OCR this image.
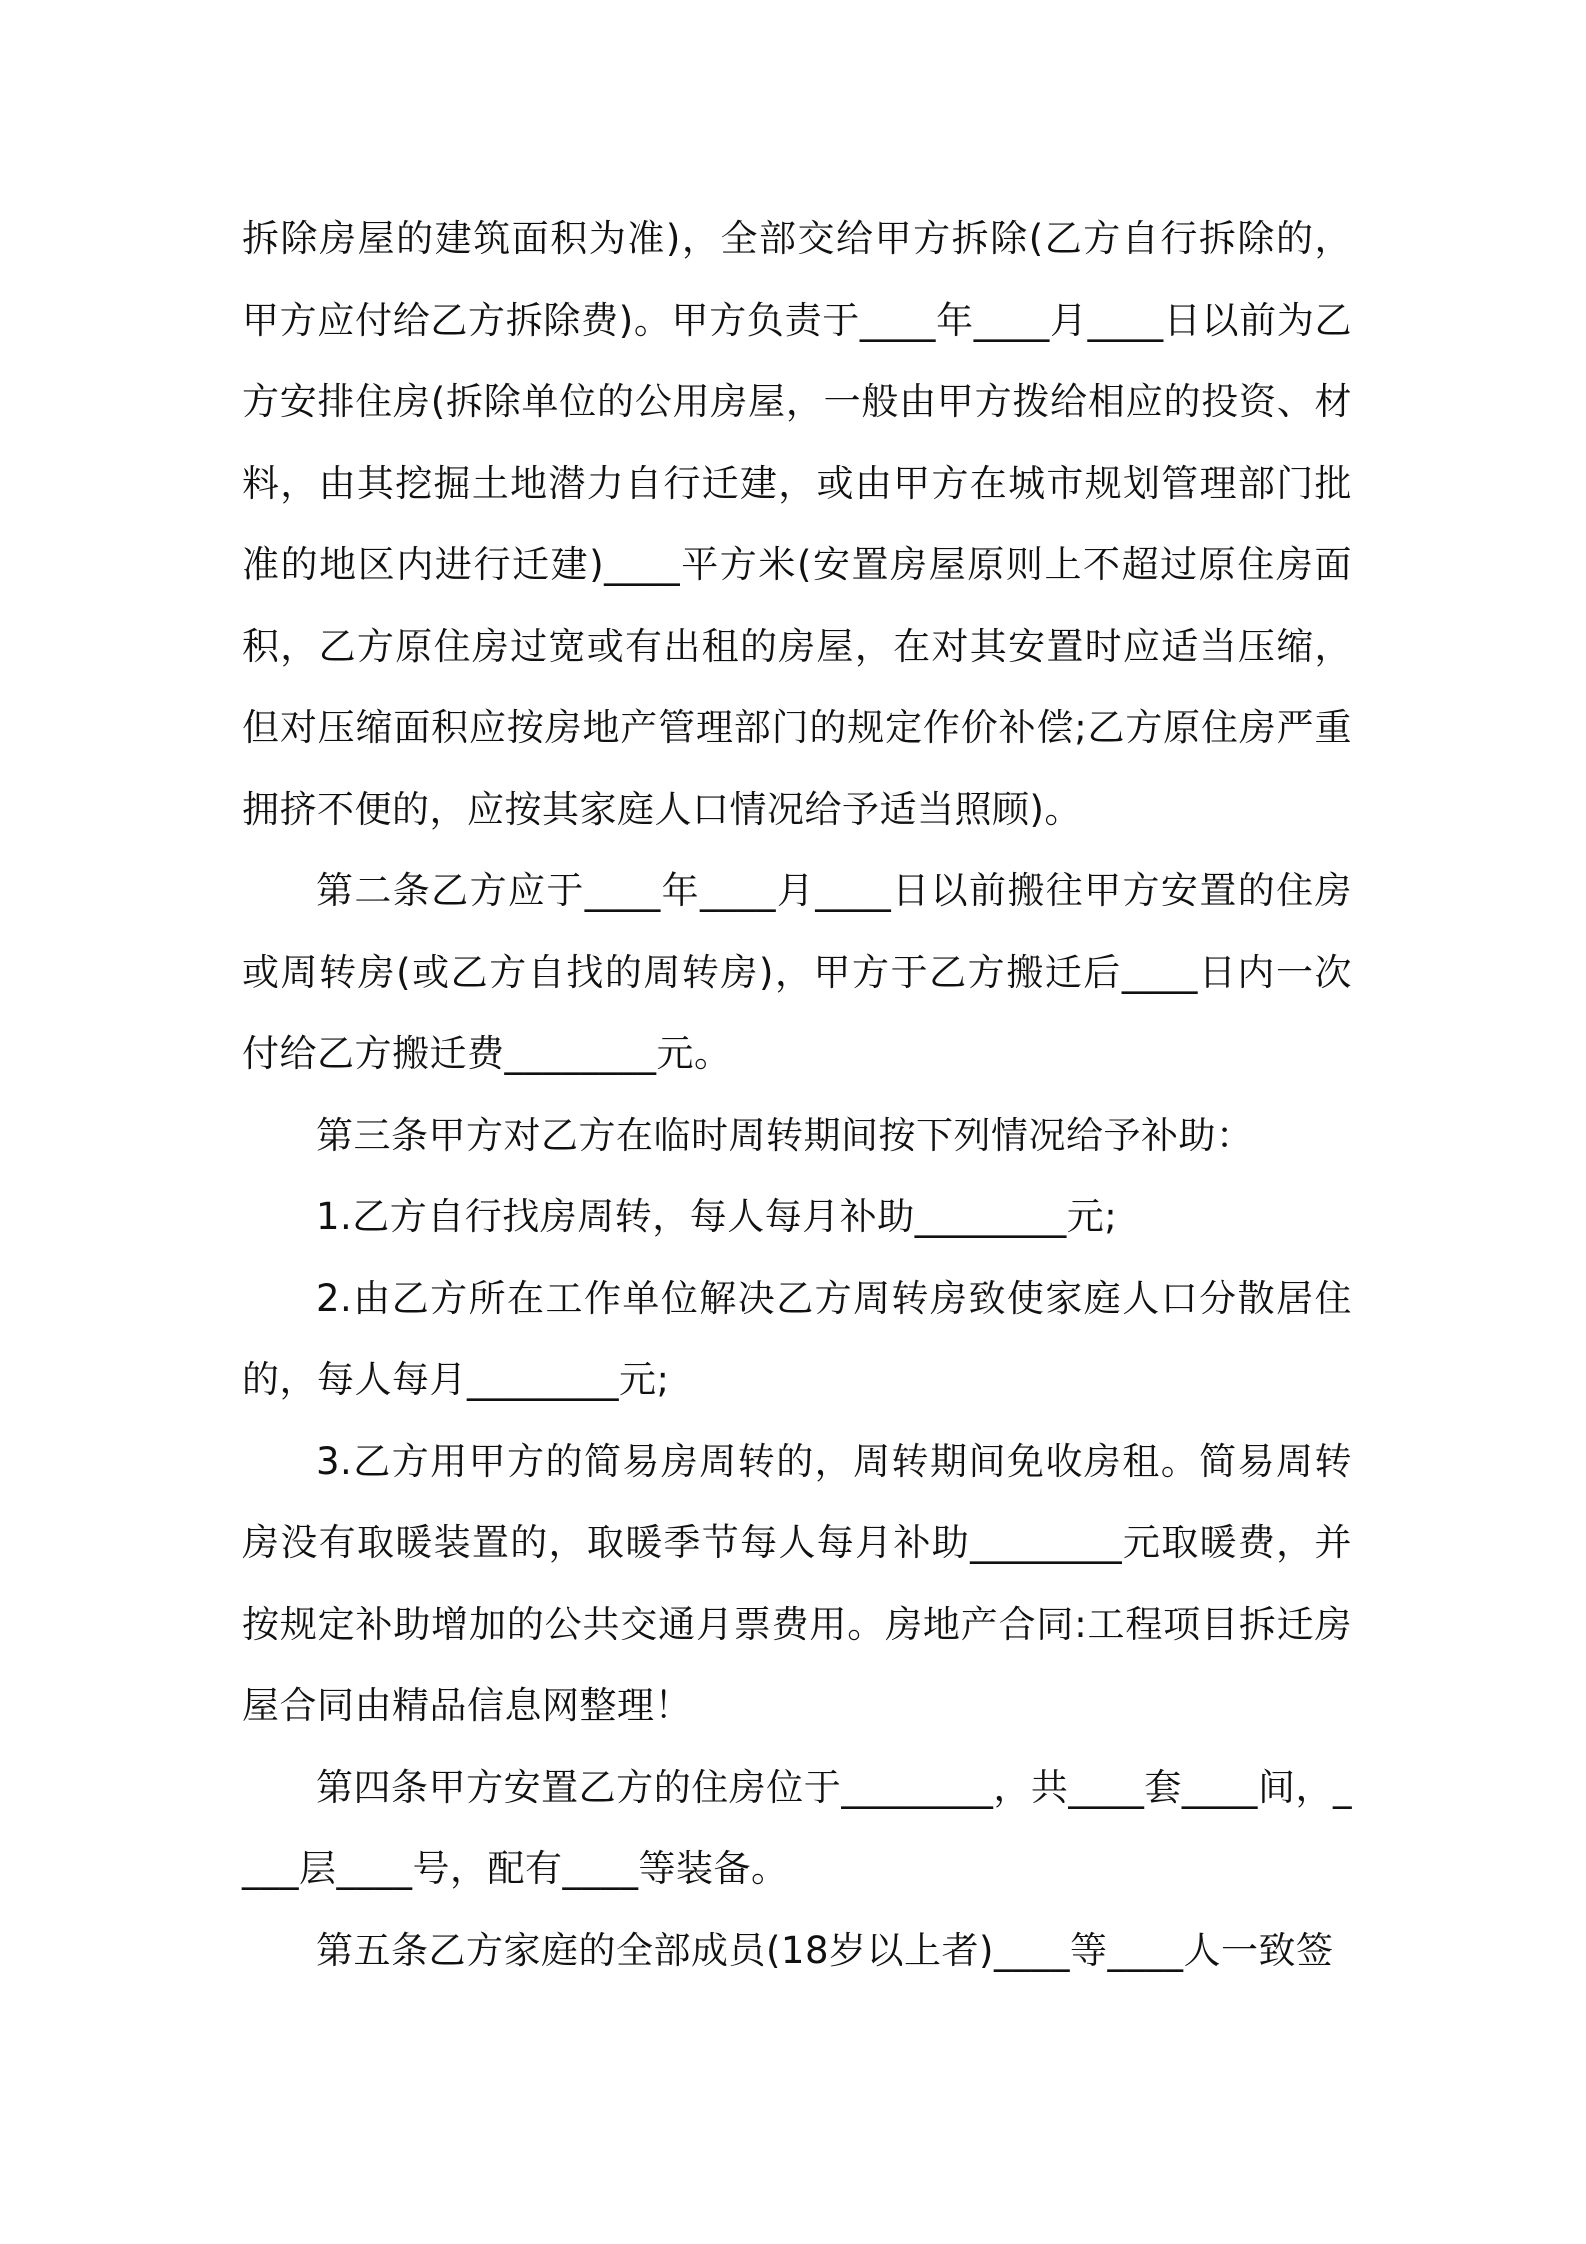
拆除房屋的建筑面积为准)，全部交给甲方拆除(乙方自行拆除的，甲方应付给乙方拆除费)。甲方负责于____年____月____日以前为乙方安排住房(拆除单位的公用房屋，一般由甲方拨给相应的投资、材料，由其挖掘土地潜力自行迁建，或由甲方在城市规划管理部门批准的地区内进行迁建)____平方米(安置房屋原则上不超过原住房面积，乙方原住房过宽或有出租的房屋，在对其安置时应适当压缩，但对压缩面积应按房地产管理部门的规定作价补偿;乙方原住房严重拥挤不便的，应按其家庭人口情况给予适当照顾)。

第二条乙方应于____年____月____日以前搬往甲方安置的住房或周转房(或乙方自找的周转房)，甲方于乙方搬迁后____日内一次付给乙方搬迁费________元。

第三条甲方对乙方在临时周转期间按下列情况给予补助：

1.乙方自行找房周转，每人每月补助________元;

2.由乙方所在工作单位解决乙方周转房致使家庭人口分散居住的，每人每月________元;

3.乙方用甲方的简易房周转的，周转期间免收房租。简易周转房没有取暖装置的，取暖季节每人每月补助________元取暖费，并按规定补助增加的公共交通月票费用。房地产合同:工程项目拆迁房屋合同由精品信息网整理！

第四条甲方安置乙方的住房位于________，共____套____间，____层____号，配有____等装备。

第五条乙方家庭的全部成员(18岁以上者)____等____人一致签
